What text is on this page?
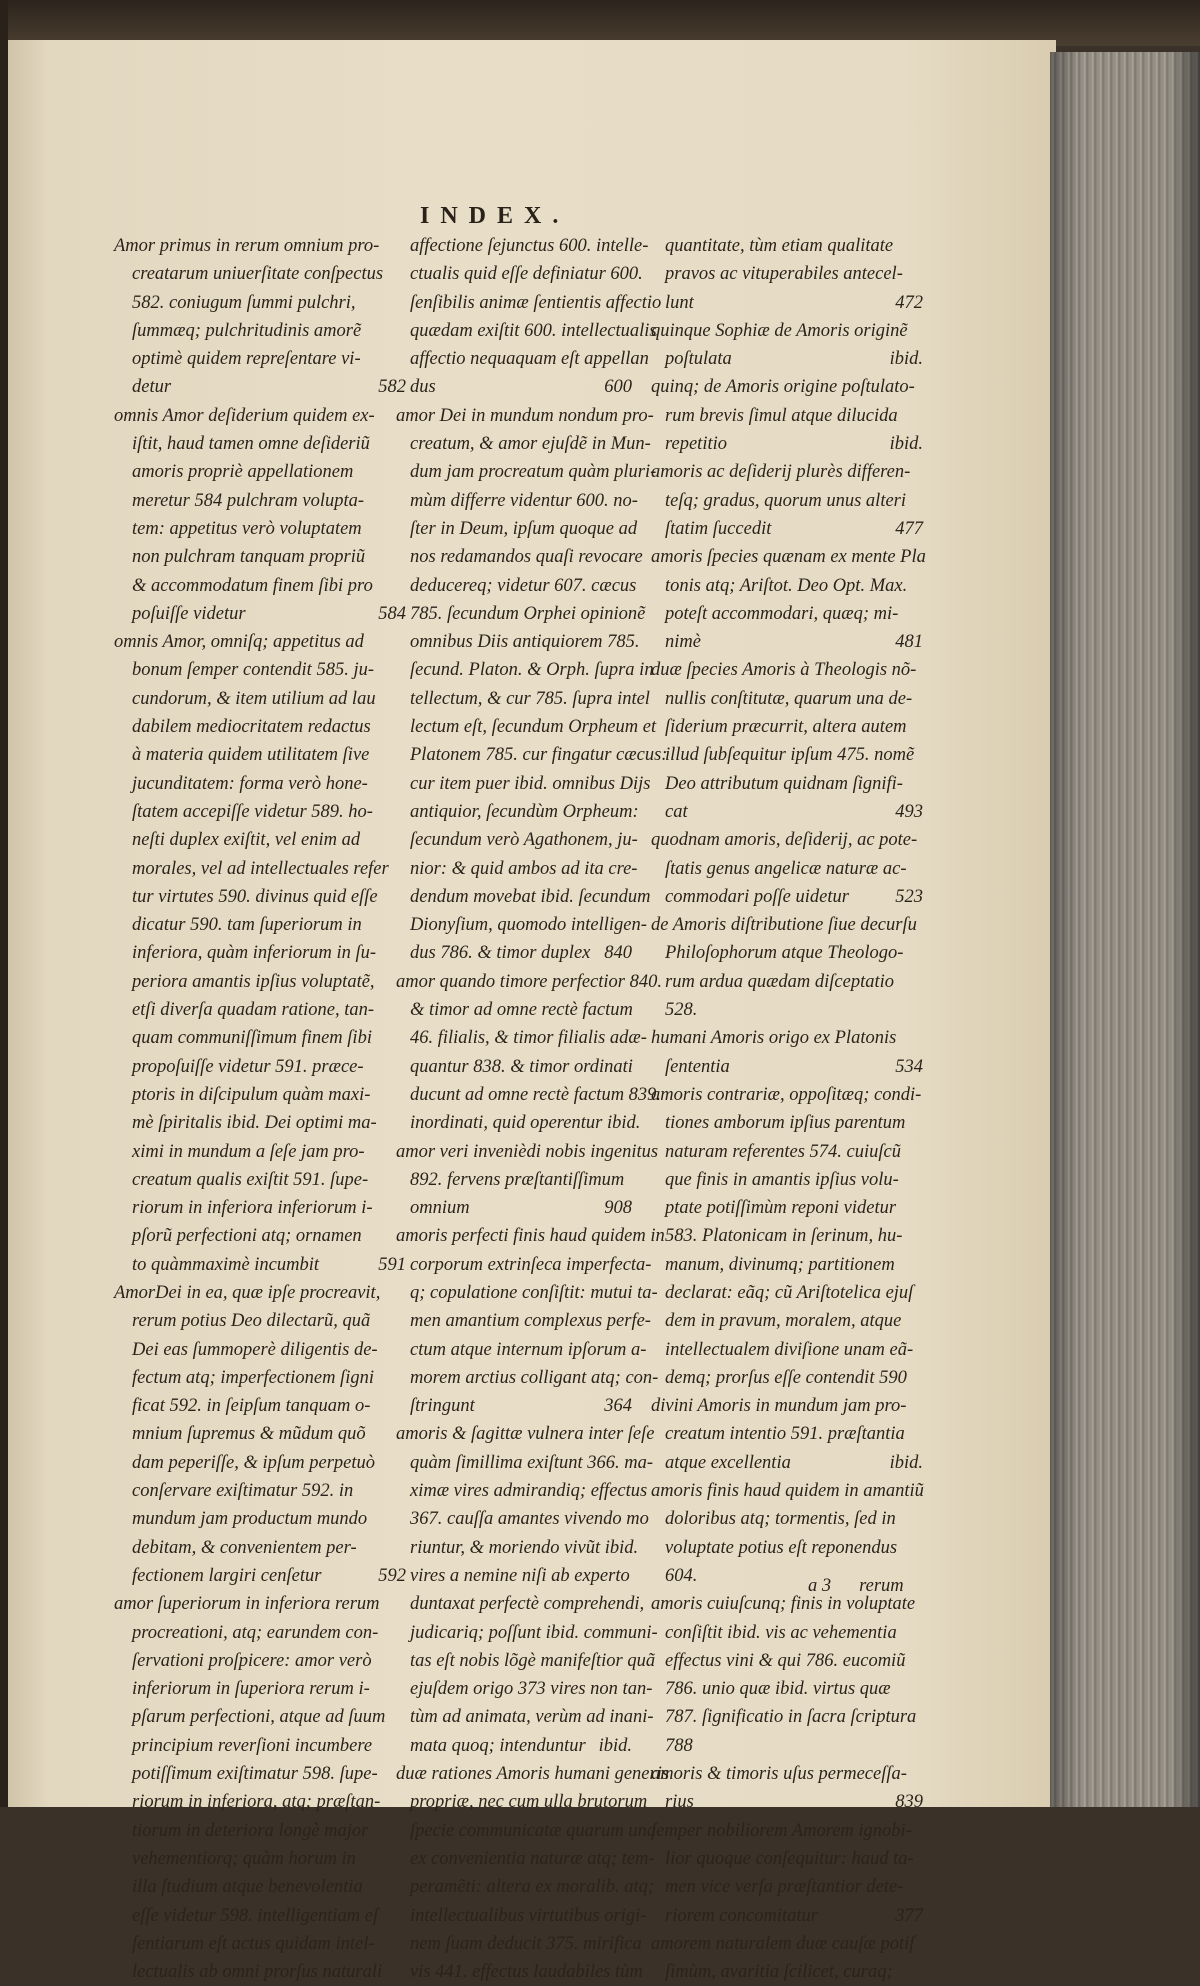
INDEX.
Amor primus in rerum omnium pro-
creatarum uniuerſitate conſpectus
582. coniugum ſummi pulchri,
ſummæq; pulchritudinis amorẽ
optimè quidem repreſentare vi-
detur	582
omnis Amor deſiderium quidem ex-
iſtit, haud tamen omne deſideriũ
amoris propriè appellationem
meretur 584 pulchram volupta-
tem: appetitus verò voluptatem
non pulchram tanquam propriũ
& accommodatum finem ſibi pro
poſuiſſe videtur	584
omnis Amor, omniſq; appetitus ad
bonum ſemper contendit 585. ju-
cundorum, & item utilium ad lau
dabilem mediocritatem redactus
à materia quidem utilitatem ſive
jucunditatem: forma verò hone-
ſtatem accepiſſe videtur 589. ho-
neſti duplex exiſtit, vel enim ad
morales, vel ad intellectuales refer
tur virtutes 590. divinus quid eſſe
dicatur 590. tam ſuperiorum in
inferiora, quàm inferiorum in ſu-
periora amantis ipſius voluptatẽ,
etſi diverſa quadam ratione, tan-
quam communiſſimum finem ſibi
propoſuiſſe videtur 591. præce-
ptoris in diſcipulum quàm maxi-
mè ſpiritalis ibid. Dei optimi ma-
ximi in mundum a ſeſe jam pro-
creatum qualis exiſtit 591. ſupe-
riorum in inferiora inferiorum i-
pſorũ perfectioni atq; ornamen
to quàmmaximè incumbit	591
AmorDei in ea, quæ ipſe procreavit,
rerum potius Deo dilectarũ, quã
Dei eas ſummoperè diligentis de-
fectum atq; imperfectionem ſigni
ficat 592. in ſeipſum tanquam o-
mnium ſupremus & mũdum quõ
dam peperiſſe, & ipſum perpetuò
conſervare exiſtimatur 592. in
mundum jam productum mundo
debitam, & convenientem per-
fectionem largiri cenſetur	592
amor ſuperiorum in inferiora rerum
procreationi, atq; earundem con-
ſervationi proſpicere: amor verò
inferiorum in ſuperiora rerum i-
pſarum perfectioni, atque ad ſuum
principium reverſioni incumbere
potiſſimum exiſtimatur 598. ſupe-
riorum in inferiora, atq; præſtan-
tiorum in deteriora longè major
vehementiorq; quàm horum in
illa ſtudium atque benevolentia
eſſe videtur 598. intelligentiam eſ
ſentiarum eſt actus quidam intel-
lectualis ab omni prorſus naturali
affectione ſejunctus 600. intelle-
ctualis quid eſſe definiatur 600.
ſenſibilis animæ ſentientis affectio
quædam exiſtit 600. intellectualis
affectio nequaquam eſt appellan
dus	600
amor Dei in mundum nondum pro-
creatum, & amor ejuſdẽ in Mun-
dum jam procreatum quàm pluri-
mùm differre videntur 600. no-
ſter in Deum, ipſum quoque ad
nos redamandos quaſi revocare
deducereq; videtur 607. cæcus
785. ſecundum Orphei opinionẽ
omnibus Diis antiquiorem 785.
ſecund. Platon. & Orph. ſupra in
tellectum, & cur 785. ſupra intel
lectum eſt, ſecundum Orpheum et
Platonem 785. cur fingatur cæcus:
cur item puer ibid. omnibus Dijs
antiquior, ſecundùm Orpheum:
ſecundum verò Agathonem, ju-
nior: & quid ambos ad ita cre-
dendum movebat ibid. ſecundum
Dionyſium, quomodo intelligen-
dus 786. & timor duplex 840
amor quando timore perfectior 840.
& timor ad omne rectè factum
46. filialis, & timor filialis adæ-
quantur 838. & timor ordinati
ducunt ad omne rectè factum 839.
inordinati, quid operentur ibid.
amor veri invenièdi nobis ingenitus
892. fervens præſtantiſſimum
omnium	908
amoris perfecti finis haud quidem in
corporum extrinſeca imperfecta-
q; copulatione conſiſtit: mutui ta-
men amantium complexus perfe-
ctum atque internum ipſorum a-
morem arctius colligant atq; con-
ſtringunt	364
amoris & ſagittæ vulnera inter ſeſe
quàm ſimillima exiſtunt 366. ma-
ximæ vires admirandiq; effectus
367. cauſſa amantes vivendo mo
riuntur, & moriendo vivũt ibid.
vires a nemine niſi ab experto
duntaxat perfectè comprehendi,
judicariq; poſſunt ibid. communi-
tas eſt nobis lõgè manifeſtior quã
ejuſdem origo 373 vires non tan-
tùm ad animata, verùm ad inani-
mata quoq; intenduntur ibid.
duæ rationes Amoris humani generis
propriæ, nec cum ulla brutorum
ſpecie communicatæ quarum una
ex convenientia naturæ atq; tem-
peramẽti: altera ex moralib. atq;
intellectualibus virtutibus origi-
nem ſuam deducit 375. mirifica
vis 441. effectus laudabiles tùm
quantitate, tùm etiam qualitate
pravos ac vituperabiles antecel-
lunt	472
quinque Sophiæ de Amoris originẽ
poſtulata	ibid.
quinq; de Amoris origine poſtulato-
rum brevis ſimul atque dilucida
repetitio	ibid.
amoris ac deſiderij plurès differen-
teſq; gradus, quorum unus alteri
ſtatim ſuccedit	477
amoris ſpecies quænam ex mente Pla
tonis atq; Ariſtot. Deo Opt. Max.
poteſt accommodari, quæq; mi-
nimè	481
duæ ſpecies Amoris à Theologis nõ-
nullis conſtitutæ, quarum una de-
ſiderium præcurrit, altera autem
illud ſubſequitur ipſum 475. nomẽ
Deo attributum quidnam ſignifi-
cat	493
quodnam amoris, deſiderij, ac pote-
ſtatis genus angelicæ naturæ ac-
commodari poſſe uidetur	523
de Amoris diſtributione ſiue decurſu
Philoſophorum atque Theologo-
rum ardua quædam diſceptatio
528.
humani Amoris origo ex Platonis
ſententia	534
amoris contrariæ, oppoſitæq; condi-
tiones amborum ipſius parentum
naturam referentes 574. cuiuſcũ
que finis in amantis ipſius volu-
ptate potiſſimùm reponi videtur
583. Platonicam in ſerinum, hu-
manum, divinumq; partitionem
declarat: eãq; cũ Ariſtotelica ejuſ
dem in pravum, moralem, atque
intellectualem diviſione unam eã-
demq; prorſus eſſe contendit 590
divini Amoris in mundum jam pro-
creatum intentio 591. præſtantia
atque excellentia	ibid.
amoris finis haud quidem in amantiũ
doloribus atq; tormentis, ſed in
voluptate potius eſt reponendus
604.
amoris cuiuſcunq; finis in voluptate
conſiſtit ibid. vis ac vehementia
effectus vini & qui 786. eucomiũ
786. unio quæ ibid. virtus quæ
787. ſignificatio in ſacra ſcriptura
788
amoris & timoris uſus permeceſſa-
rius	839
ſemper nobiliorem Amorem ignobi-
lior quoque conſequitur: haud ta-
men vice verſa præſtantior dete-
riorem concomitatur	377
amorem naturalem duæ cauſæ potiſ
ſimùm, avaritia ſcilicet, curaq;
a 3 rerum
